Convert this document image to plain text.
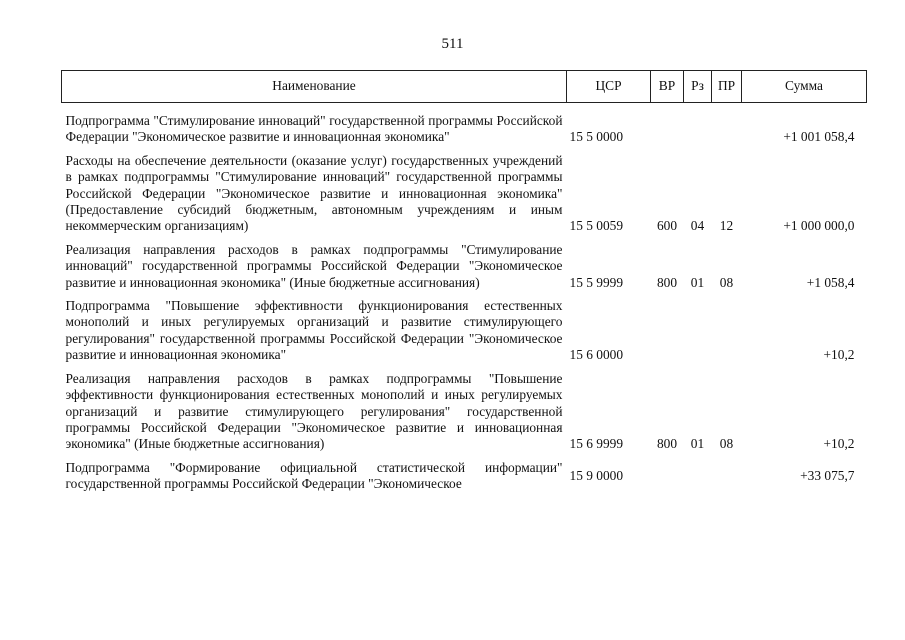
511
Наименование	ЦСР	ВР	Рз	ПР	Сумма
Подпрограмма "Стимулирование инноваций" государственной программы Российской Федерации "Экономическое развитие и инновационная экономика"	15 5 0000				+1 001 058,4
Расходы на обеспечение деятельности (оказание услуг) государственных учреждений в рамках подпрограммы "Стимулирование инноваций" государственной программы Российской Федерации "Экономическое развитие и инновационная экономика" (Предоставление субсидий бюджетным, автономным учреждениям и иным некоммерческим организациям)	15 5 0059	600	04	12	+1 000 000,0
Реализация направления расходов в рамках подпрограммы "Стимулирование инноваций" государственной программы Российской Федерации "Экономическое развитие и инновационная экономика" (Иные бюджетные ассигнования)	15 5 9999	800	01	08	+1 058,4
Подпрограмма "Повышение эффективности функционирования естественных монополий и иных регулируемых организаций и развитие стимулирующего регулирования" государственной программы Российской Федерации "Экономическое развитие и инновационная экономика"	15 6 0000				+10,2
Реализация направления расходов в рамках подпрограммы "Повышение эффективности функционирования естественных монополий и иных регулируемых организаций и развитие стимулирующего регулирования" государственной программы Российской Федерации "Экономическое развитие и инновационная экономика" (Иные бюджетные ассигнования)	15 6 9999	800	01	08	+10,2
Подпрограмма "Формирование официальной статистической информации" государственной программы Российской Федерации "Экономическое	15 9 0000				+33 075,7
